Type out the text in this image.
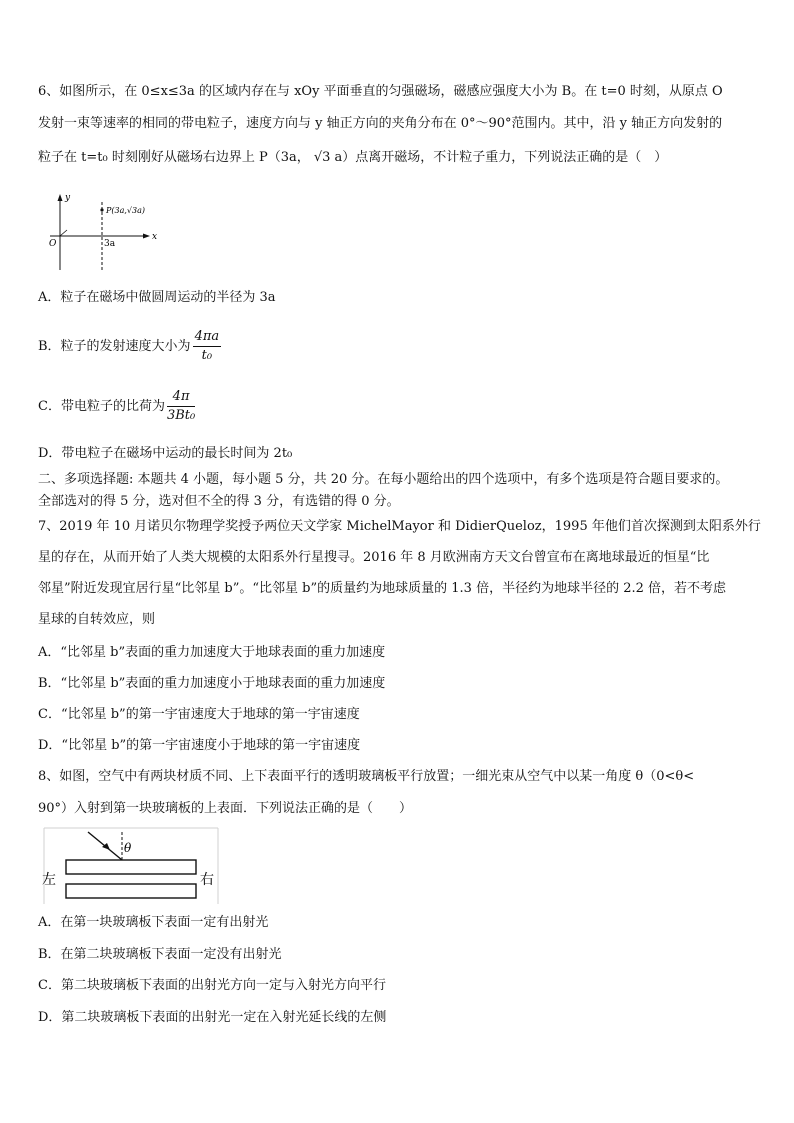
6、如图所示，在 0≤x≤3a 的区域内存在与 xOy 平面垂直的匀强磁场，磁感应强度大小为 B。在 t=0 时刻，从原点 O
发射一束等速率的相同的带电粒子，速度方向与 y 轴正方向的夹角分布在 0°～90°范围内。其中，沿 y 轴正方向发射的
粒子在 t=t₀ 时刻刚好从磁场右边界上 P（3a， √3 a）点离开磁场，不计粒子重力，下列说法正确的是（　）
y
x
O	3a
P(3a,√3a)
A．粒子在磁场中做圆周运动的半径为 3a
B．粒子的发射速度大小为 $\frac{4\pi a}{\text{t₀}}$
C．带电粒子的比荷为 $\frac{4\pi}{\text{3Bt₀}}$
D．带电粒子在磁场中运动的最长时间为 2t₀
二、多项选择题: 本题共 4 小题，每小题 5 分，共 20 分。在每小题给出的四个选项中，有多个选项是符合题目要求的。
全部选对的得 5 分，选对但不全的得 3 分，有选错的得 0 分。
7、2019 年 10 月诺贝尔物理学奖授予两位天文学家 MichelMayor 和 DidierQueloz，1995 年他们首次探测到太阳系外行
星的存在，从而开始了人类大规模的太阳系外行星搜寻。2016 年 8 月欧洲南方天文台曾宣布在离地球最近的恒星“比
邻星”附近发现宜居行星“比邻星 b”。“比邻星 b”的质量约为地球质量的 1.3 倍，半径约为地球半径的 2.2 倍，若不考虑
星球的自转效应，则
A．“比邻星 b”表面的重力加速度大于地球表面的重力加速度
B．“比邻星 b”表面的重力加速度小于地球表面的重力加速度
C．“比邻星 b”的第一宇宙速度大于地球的第一宇宙速度
D．“比邻星 b”的第一宇宙速度小于地球的第一宇宙速度
8、如图，空气中有两块材质不同、上下表面平行的透明玻璃板平行放置；一细光束从空气中以某一角度 θ（0<θ<
90°）入射到第一块玻璃板的上表面．下列说法正确的是（　　）
θ
左	右
A．在第一块玻璃板下表面一定有出射光
B．在第二块玻璃板下表面一定没有出射光
C．第二块玻璃板下表面的出射光方向一定与入射光方向平行
D．第二块玻璃板下表面的出射光一定在入射光延长线的左侧
